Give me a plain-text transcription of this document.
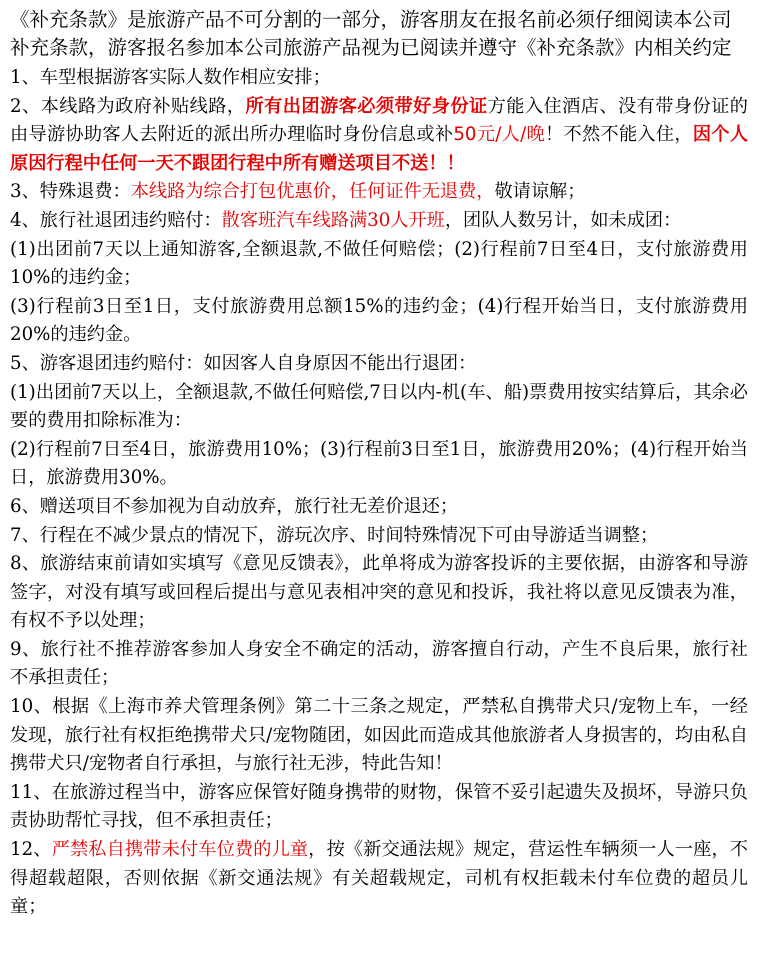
《补充条款》是旅游产品不可分割的一部分，游客朋友在报名前必须仔细阅读本公司补充条款，游客报名参加本公司旅游产品视为已阅读并遵守《补充条款》内相关约定

1、车型根据游客实际人数作相应安排；

2、本线路为政府补贴线路，所有出团游客必须带好身份证方能入住酒店、没有带身份证的由导游协助客人去附近的派出所办理临时身份信息或补50元/人/晚！不然不能入住，因个人原因行程中任何一天不跟团行程中所有赠送项目不送！！

3、特殊退费：本线路为综合打包优惠价，任何证件无退费，敬请谅解；

4、旅行社退团违约赔付：散客班汽车线路满30人开班，团队人数另计，如未成团：

(1)出团前7天以上通知游客,全额退款,不做任何赔偿；(2)行程前7日至4日，支付旅游费用10%的违约金；

(3)行程前3日至1日，支付旅游费用总额15%的违约金；(4)行程开始当日，支付旅游费用20%的违约金。

5、游客退团违约赔付：如因客人自身原因不能出行退团：

(1)出团前7天以上，全额退款,不做任何赔偿,7日以内-机(车、船)票费用按实结算后，其余必要的费用扣除标准为：

(2)行程前7日至4日，旅游费用10%；(3)行程前3日至1日，旅游费用20%；(4)行程开始当日，旅游费用30%。

6、赠送项目不参加视为自动放弃，旅行社无差价退还；

7、行程在不减少景点的情况下，游玩次序、时间特殊情况下可由导游适当调整；

8、旅游结束前请如实填写《意见反馈表》，此单将成为游客投诉的主要依据，由游客和导游签字，对没有填写或回程后提出与意见表相冲突的意见和投诉，我社将以意见反馈表为准，有权不予以处理；

9、旅行社不推荐游客参加人身安全不确定的活动，游客擅自行动，产生不良后果，旅行社不承担责任；

10、根据《上海市养犬管理条例》第二十三条之规定，严禁私自携带犬只/宠物上车，一经发现，旅行社有权拒绝携带犬只/宠物随团，如因此而造成其他旅游者人身损害的，均由私自携带犬只/宠物者自行承担，与旅行社无涉，特此告知！

11、在旅游过程当中，游客应保管好随身携带的财物，保管不妥引起遗失及损坏，导游只负责协助帮忙寻找，但不承担责任；

12、严禁私自携带未付车位费的儿童，按《新交通法规》规定，营运性车辆须一人一座，不得超载超限，否则依据《新交通法规》有关超载规定，司机有权拒载未付车位费的超员儿童；
